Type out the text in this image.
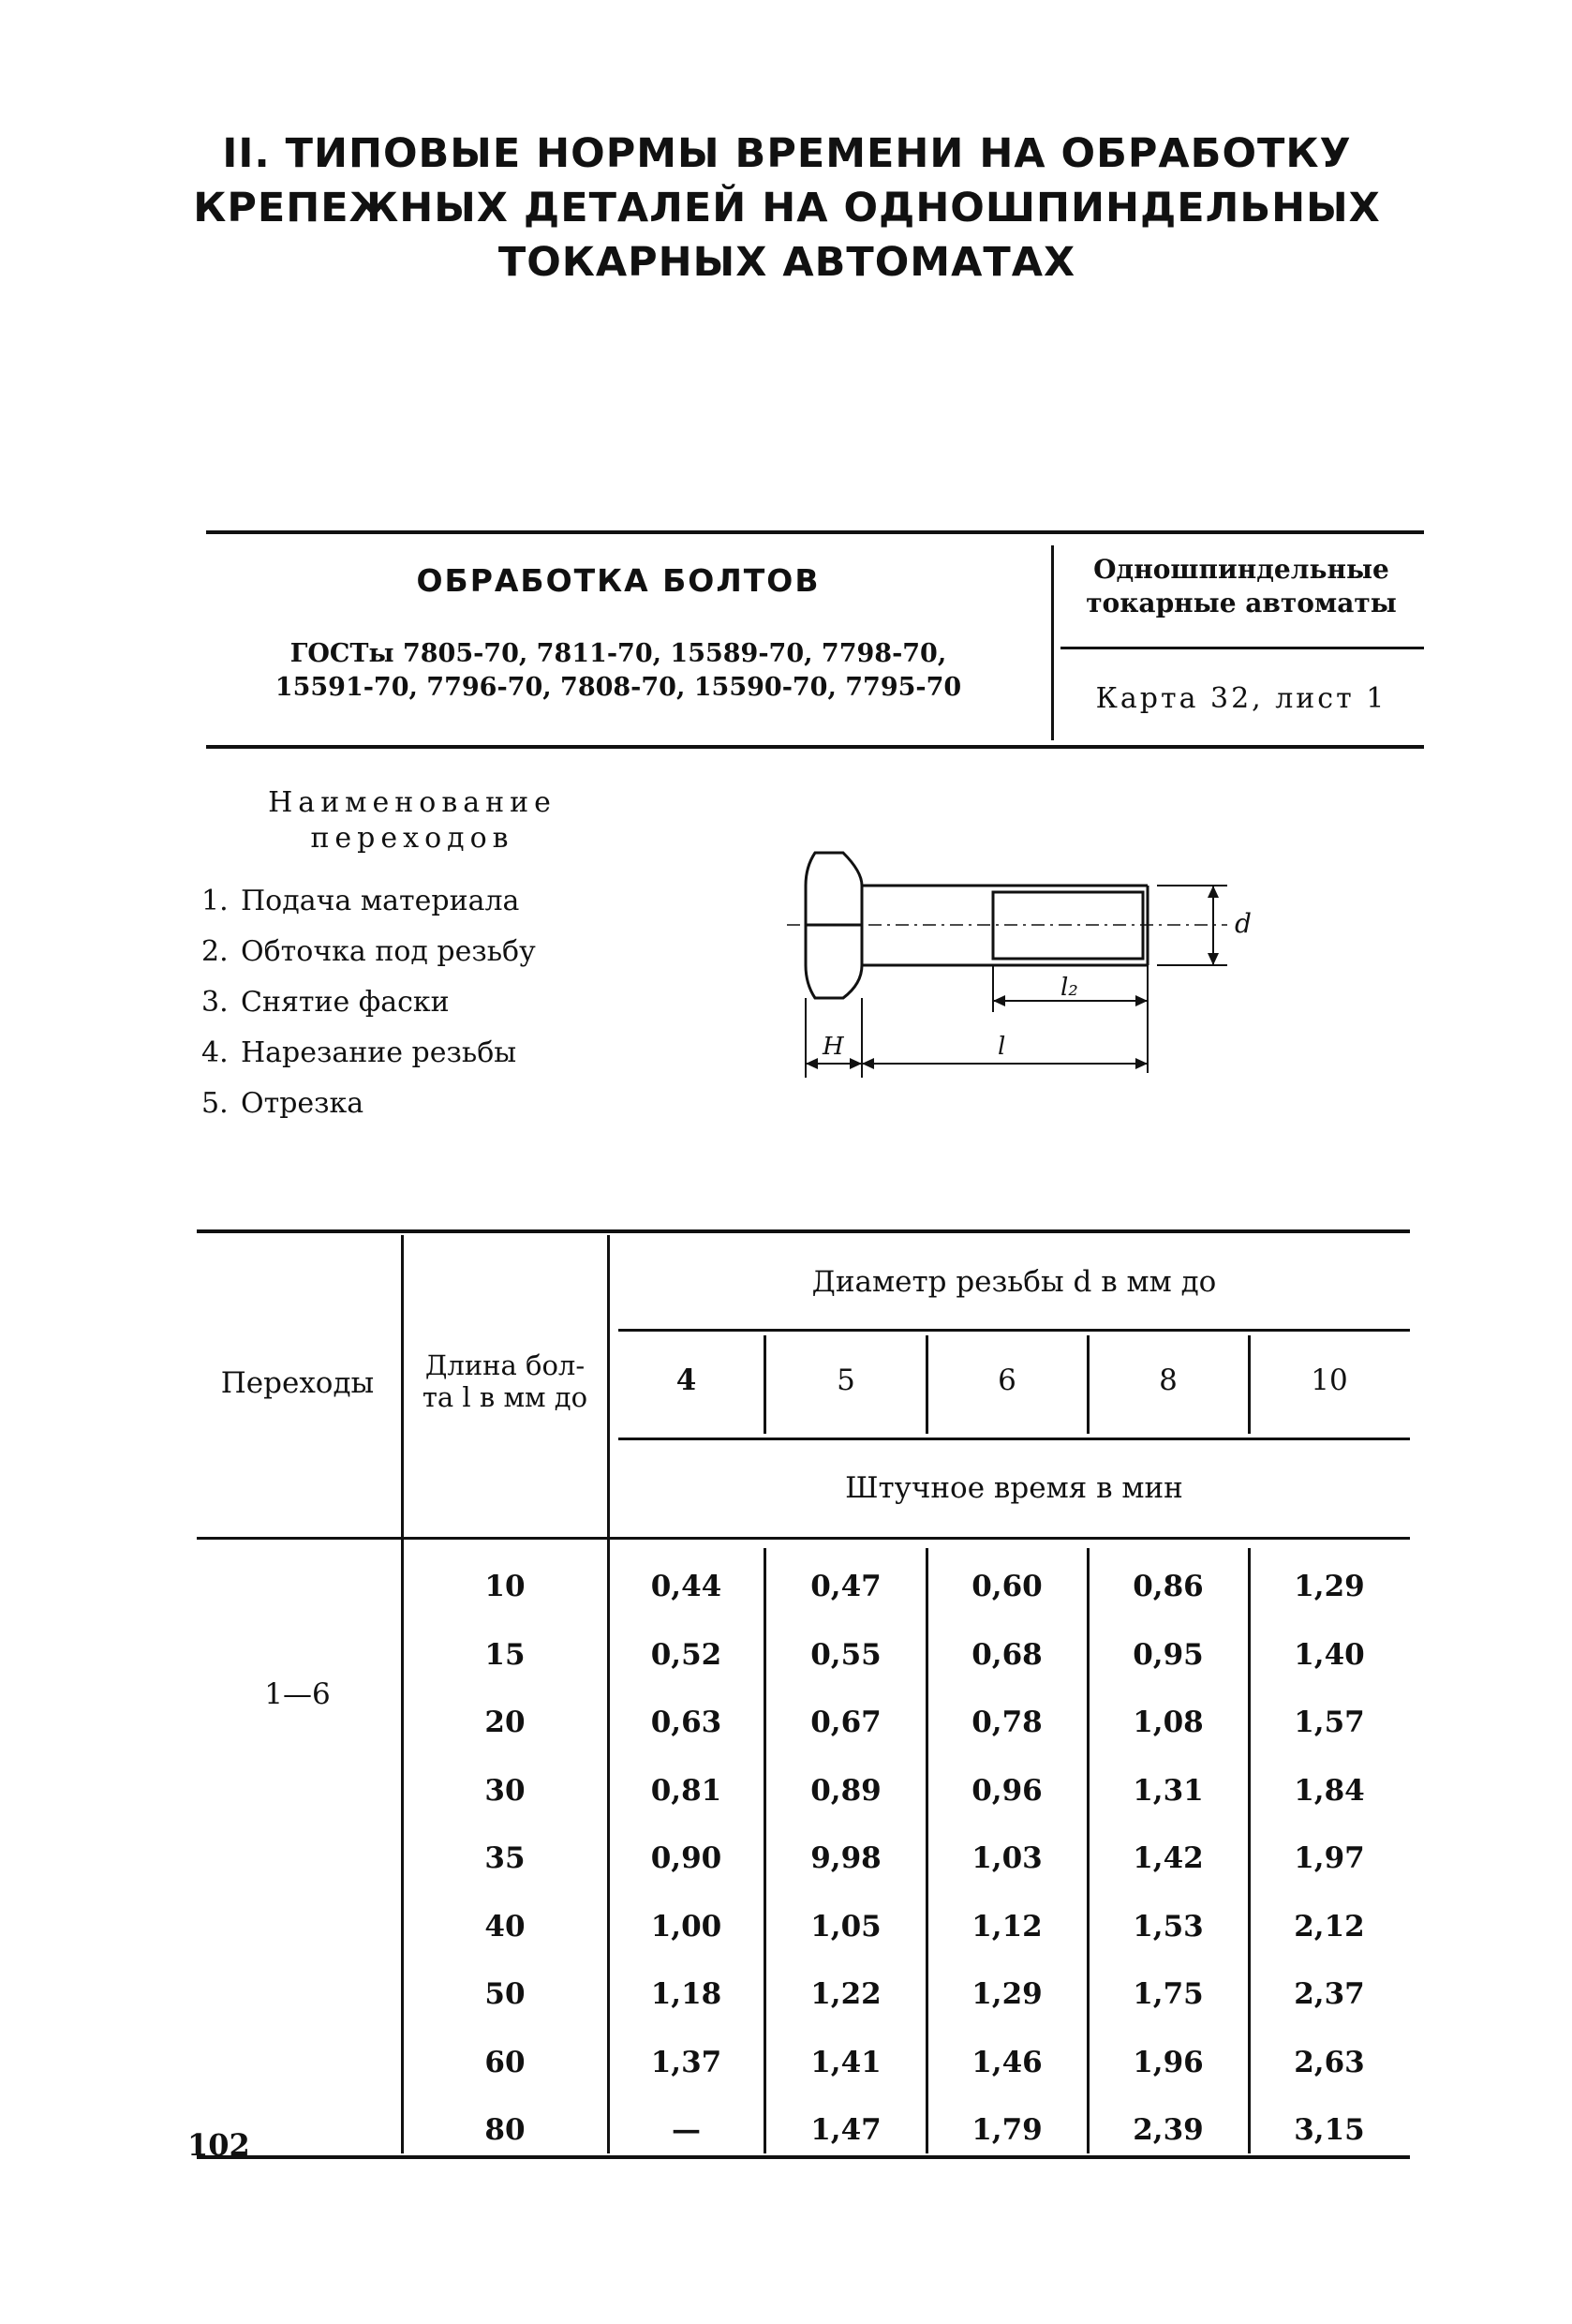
II. ТИПОВЫЕ НОРМЫ ВРЕМЕНИ НА ОБРАБОТКУ
КРЕПЕЖНЫХ ДЕТАЛЕЙ НА ОДНОШПИНДЕЛЬНЫХ
ТОКАРНЫХ АВТОМАТАХ
ОБРАБОТКА БОЛТОВ
ГОСТы 7805-70, 7811-70, 15589-70, 7798-70,
15591-70, 7796-70, 7808-70, 15590-70, 7795-70
Одношпиндельные
токарные автоматы
Карта 32, лист 1
Наименование
переходов
1. Подача материала
2. Обточка под резьбу
3. Снятие фаски
4. Нарезание резьбы
5. Отрезка
d
l₂
H	l
Переходы
Длина бол-
та l в мм до
Диаметр резьбы d в мм до
Штучное время в мин
4	5	6	8	10
1—6
10	0,44	0,47	0,60	0,86	1,29
15	0,52	0,55	0,68	0,95	1,40
20	0,63	0,67	0,78	1,08	1,57
30	0,81	0,89	0,96	1,31	1,84
35	0,90	9,98	1,03	1,42	1,97
40	1,00	1,05	1,12	1,53	2,12
50	1,18	1,22	1,29	1,75	2,37
60	1,37	1,41	1,46	1,96	2,63
80	—	1,47	1,79	2,39	3,15
102
